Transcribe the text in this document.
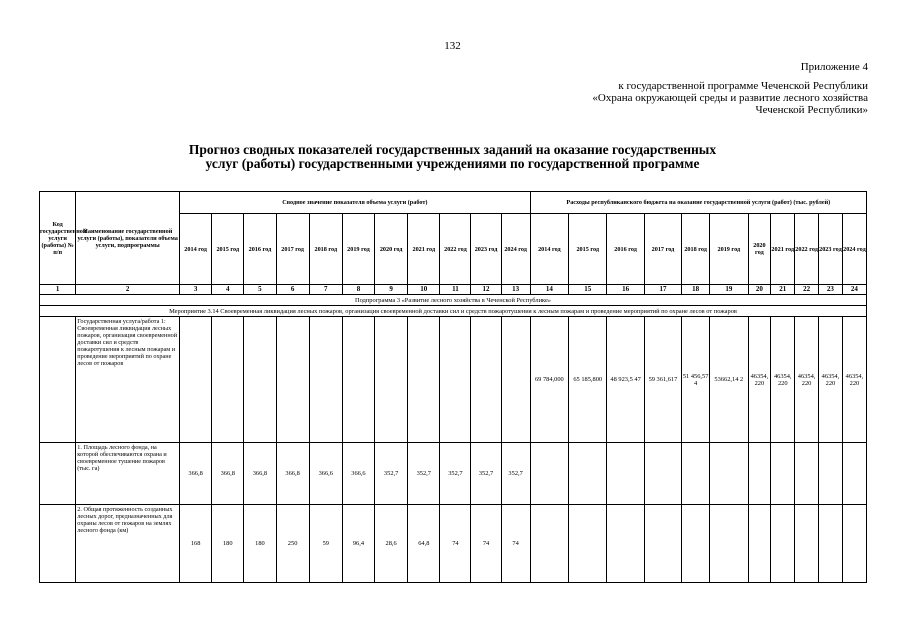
132
Приложение 4
к государственной программе Чеченской Республики
«Охрана окружающей среды и развитие лесного хозяйства
Чеченской Республики»
Прогноз сводных показателей государственных заданий на оказание государственных
услуг (работы) государственными учреждениями по государственной программе
Код государственной услуги (работы) № п/п	Наименование государственной услуги (работы), показатели объема услуги, подпрограммы	Сводное значение показателя объема услуги (работ)											Расходы республиканского бюджета на оказание государственной услуги (работ) (тыс. рублей)										
		2014 год	2015 год	2016 год	2017 год	2018 год	2019 год	2020 год	2021 год	2022 год	2023 год	2024 год	2014 год	2015 год	2016 год	2017 год	2018 год	2019 год	2020 год	2021 год	2022 год	2023 год	2024 год
1	2	3	4	5	6	7	8	9	10	11	12	13	14	15	16	17	18	19	20	21	22	23	24
Подпрограмма 3 «Развитие лесного хозяйства в Чеченской Республике»																							
Мероприятие 3.14 Своевременная ликвидация лесных пожаров, организация своевременной доставки сил и средств пожаротушения к лесным пожарам и проведение мероприятий по охране лесов от пожаров																							
	Государственная услуга/работа 1: Своевременная ликвидация лесных пожаров, организация своевременной доставки сил и средств пожаротушения к лесным пожарам и проведение мероприятий по охране лесов от пожаров												69 784,000	65 185,800	48 923,5 47	59 361,617	51 456,57 4	53662,14 2	46354, 220	46354, 220	46354, 220	46354, 220	46354, 220
	1. Площадь лесного фонда, на которой обеспечиваются охрана и своевременное тушение пожаров (тыс. га)	366,8	366,8	366,8	366,8	366,6	366,6	352,7	352,7	352,7	352,7	352,7											
	2. Общая протяженность созданных лесных дорог, предназначенных для охраны лесов от пожаров на землях лесного фонда (км)	168	180	180	250	59	96,4	28,6	64,8	74	74	74											
